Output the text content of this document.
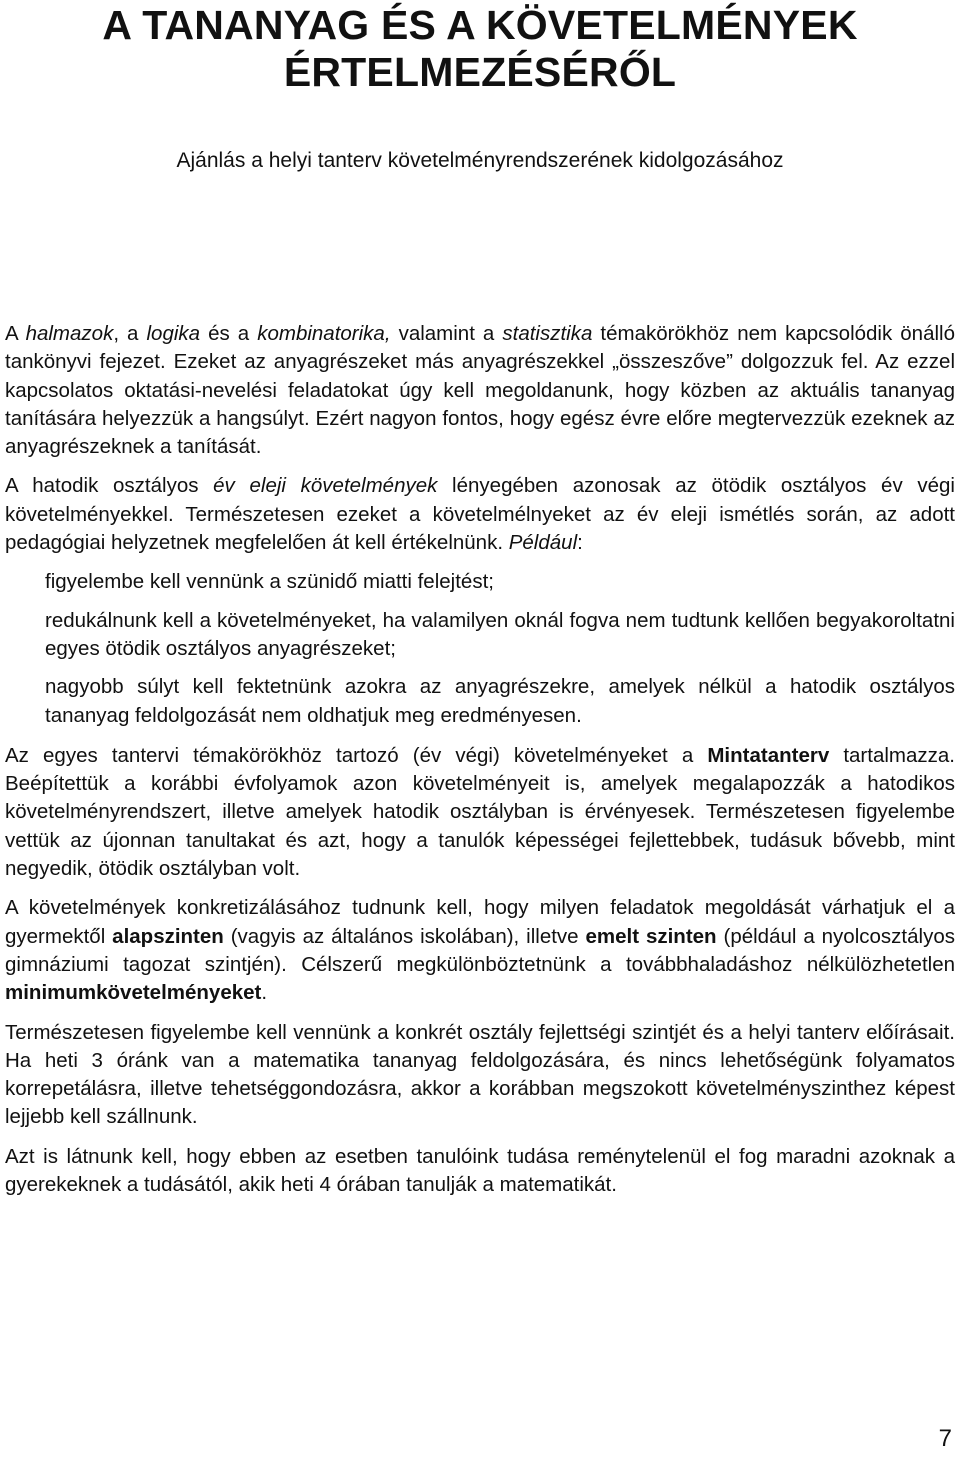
A TANANYAG ÉS A KÖVETELMÉNYEK
ÉRTELMEZÉSÉRŐL

Ajánlás a helyi tanterv követelményrendszerének kidolgozásához

A halmazok, a logika és a kombinatorika, valamint a statisztika témakörökhöz nem kapcsolódik önálló tankönyvi fejezet. Ezeket az anyagrészeket más anyagrészekkel „összeszőve” dolgozzuk fel. Az ezzel kapcsolatos oktatási-nevelési feladatokat úgy kell megoldanunk, hogy közben az aktuális tananyag tanítására helyezzük a hangsúlyt. Ezért nagyon fontos, hogy egész évre előre megtervezzük ezeknek az anyagrészeknek a tanítását.

A hatodik osztályos év eleji követelmények lényegében azonosak az ötödik osztályos év végi követelményekkel. Természetesen ezeket a követelmélnyeket az év eleji ismétlés során, az adott pedagógiai helyzetnek megfelelően át kell értékelnünk. Például:

figyelembe kell vennünk a szünidő miatti felejtést;
redukálnunk kell a követelményeket, ha valamilyen oknál fogva nem tudtunk kellően begyakoroltatni egyes ötödik osztályos anyagrészeket;
nagyobb súlyt kell fektetnünk azokra az anyagrészekre, amelyek nélkül a hatodik osztályos tananyag feldolgozását nem oldhatjuk meg eredményesen.

Az egyes tantervi témakörökhöz tartozó (év végi) követelményeket a Mintatanterv tartalmazza. Beépítettük a korábbi évfolyamok azon követelményeit is, amelyek megalapozzák a hatodikos követelményrendszert, illetve amelyek hatodik osztályban is érvényesek. Természetesen figyelembe vettük az újonnan tanultakat és azt, hogy a tanulók képességei fejlettebbek, tudásuk bővebb, mint negyedik, ötödik osztályban volt.

A követelmények konkretizálásához tudnunk kell, hogy milyen feladatok megoldását várhatjuk el a gyermektől alapszinten (vagyis az általános iskolában), illetve emelt szinten (például a nyolcosztályos gimnáziumi tagozat szintjén). Célszerű megkülönböztetnünk a továbbhaladáshoz nélkülözhetetlen minimumkövetelményeket.

Természetesen figyelembe kell vennünk a konkrét osztály fejlettségi szintjét és a helyi tanterv előírásait. Ha heti 3 óránk van a matematika tananyag feldolgozására, és nincs lehetőségünk folyamatos korrepetálásra, illetve tehetséggondozásra, akkor a korábban megszokott követelményszinthez képest lejjebb kell szállnunk.

Azt is látnunk kell, hogy ebben az esetben tanulóink tudása reménytelenül el fog maradni azoknak a gyerekeknek a tudásától, akik heti 4 órában tanulják a matematikát.

7
